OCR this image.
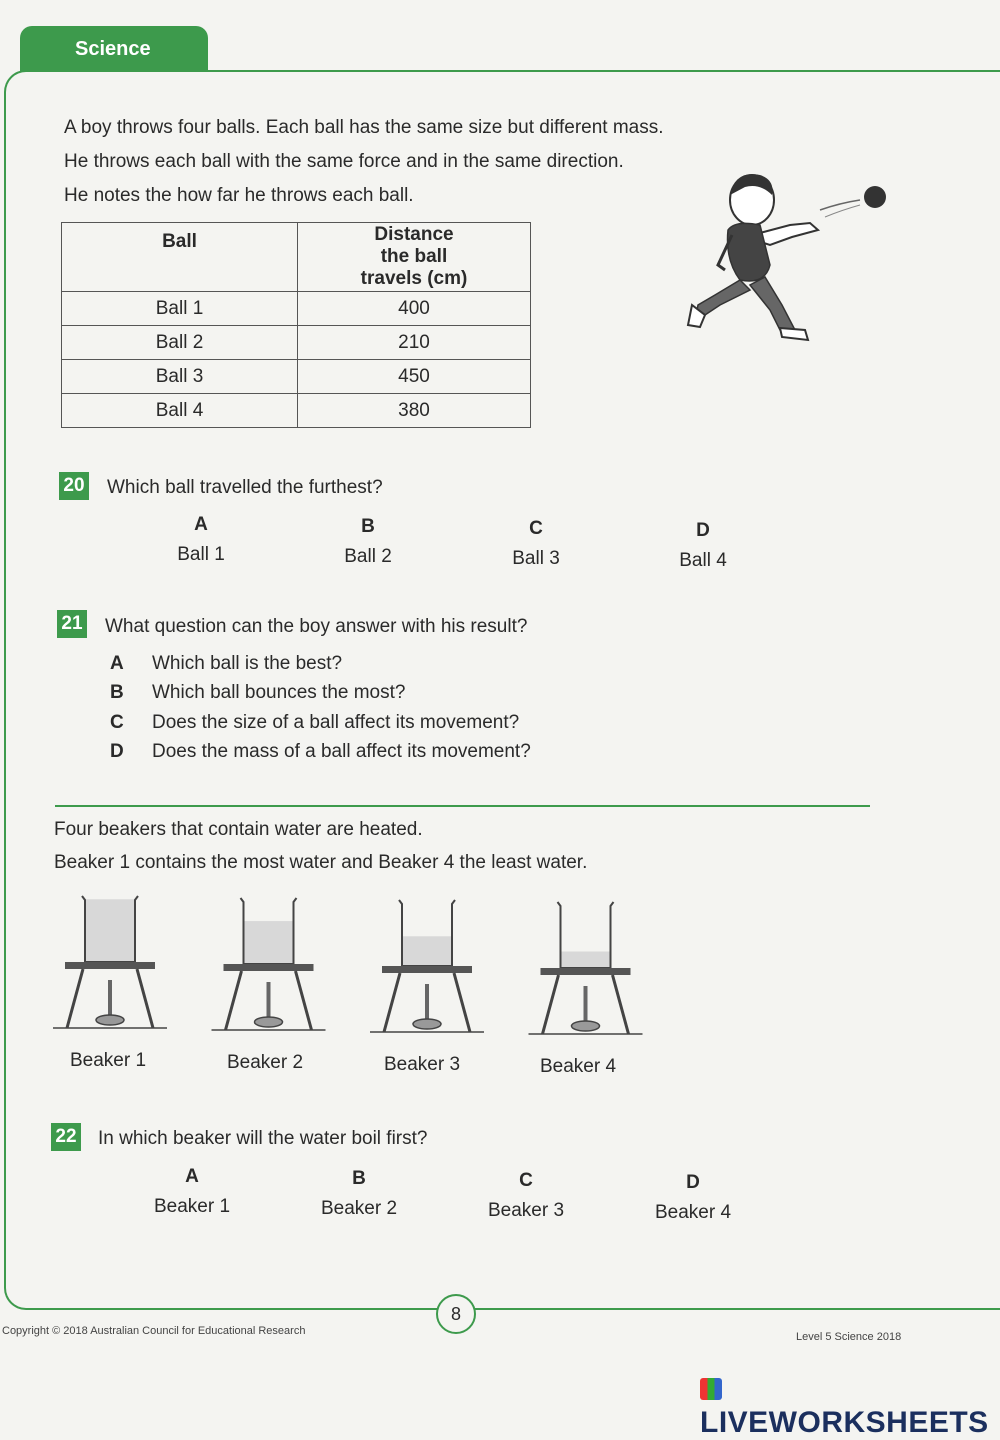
Science
A boy throws four balls. Each ball has the same size but different mass.
He throws each ball with the same force and in the same direction.
He notes the how far he throws each ball.
Ball	Distance the ball travels (cm)
Ball 1	400
Ball 2	210
Ball 3	450
Ball 4	380
20 Which ball travelled the furthest?
A
Ball 1
B
Ball 2
C
Ball 3
D
Ball 4
21 What question can the boy answer with his result?
A Which ball is the best?
B Which ball bounces the most?
C Does the size of a ball affect its movement?
D Does the mass of a ball affect its movement?
Four beakers that contain water are heated.
Beaker 1 contains the most water and Beaker 4 the least water.
Beaker 1	Beaker 2	Beaker 3	Beaker 4
22 In which beaker will the water boil first?
A
Beaker 1
B
Beaker 2
C
Beaker 3
D
Beaker 4
8
Copyright © 2018 Australian Council for Educational Research	Level 5 Science 2018
LIVEWORKSHEETS
